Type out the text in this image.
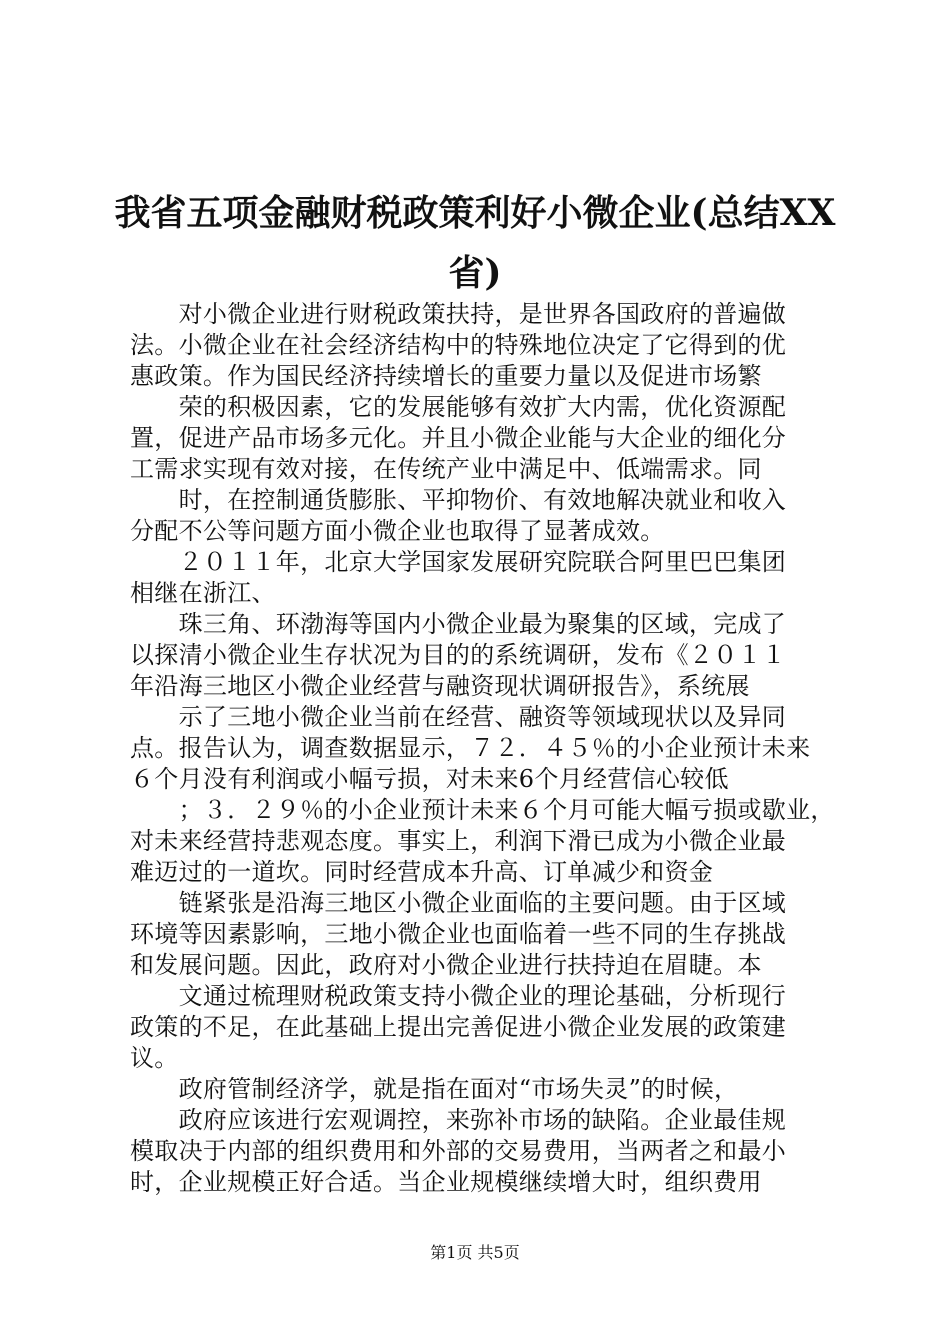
我省五项金融财税政策利好小微企业(总结XX
省)
　　对小微企业进行财税政策扶持，是世界各国政府的普遍做
法。小微企业在社会经济结构中的特殊地位决定了它得到的优
惠政策。作为国民经济持续增长的重要力量以及促进市场繁
　　荣的积极因素，它的发展能够有效扩大内需，优化资源配
置，促进产品市场多元化。并且小微企业能与大企业的细化分
工需求实现有效对接，在传统产业中满足中、低端需求。同
　　时，在控制通货膨胀、平抑物价、有效地解决就业和收入
分配不公等问题方面小微企业也取得了显著成效。
　　２０１１年，北京大学国家发展研究院联合阿里巴巴集团
相继在浙江、
　　珠三角、环渤海等国内小微企业最为聚集的区域，完成了
以探清小微企业生存状况为目的的系统调研，发布《２０１１
年沿海三地区小微企业经营与融资现状调研报告》，系统展
　　示了三地小微企业当前在经营、融资等领域现状以及异同
点。报告认为，调查数据显示，７２．４５％的小企业预计未来
６个月没有利润或小幅亏损，对未来6个月经营信心较低
　　；３．２９％的小企业预计未来６个月可能大幅亏损或歇业，
对未来经营持悲观态度。事实上，利润下滑已成为小微企业最
难迈过的一道坎。同时经营成本升高、订单减少和资金
　　链紧张是沿海三地区小微企业面临的主要问题。由于区域
环境等因素影响，三地小微企业也面临着一些不同的生存挑战
和发展问题。因此，政府对小微企业进行扶持迫在眉睫。本
　　文通过梳理财税政策支持小微企业的理论基础，分析现行
政策的不足，在此基础上提出完善促进小微企业发展的政策建
议。
　　政府管制经济学，就是指在面对“市场失灵”的时候，
　　政府应该进行宏观调控，来弥补市场的缺陷。企业最佳规
模取决于内部的组织费用和外部的交易费用，当两者之和最小
时，企业规模正好合适。当企业规模继续增大时，组织费用
第1页 共5页
